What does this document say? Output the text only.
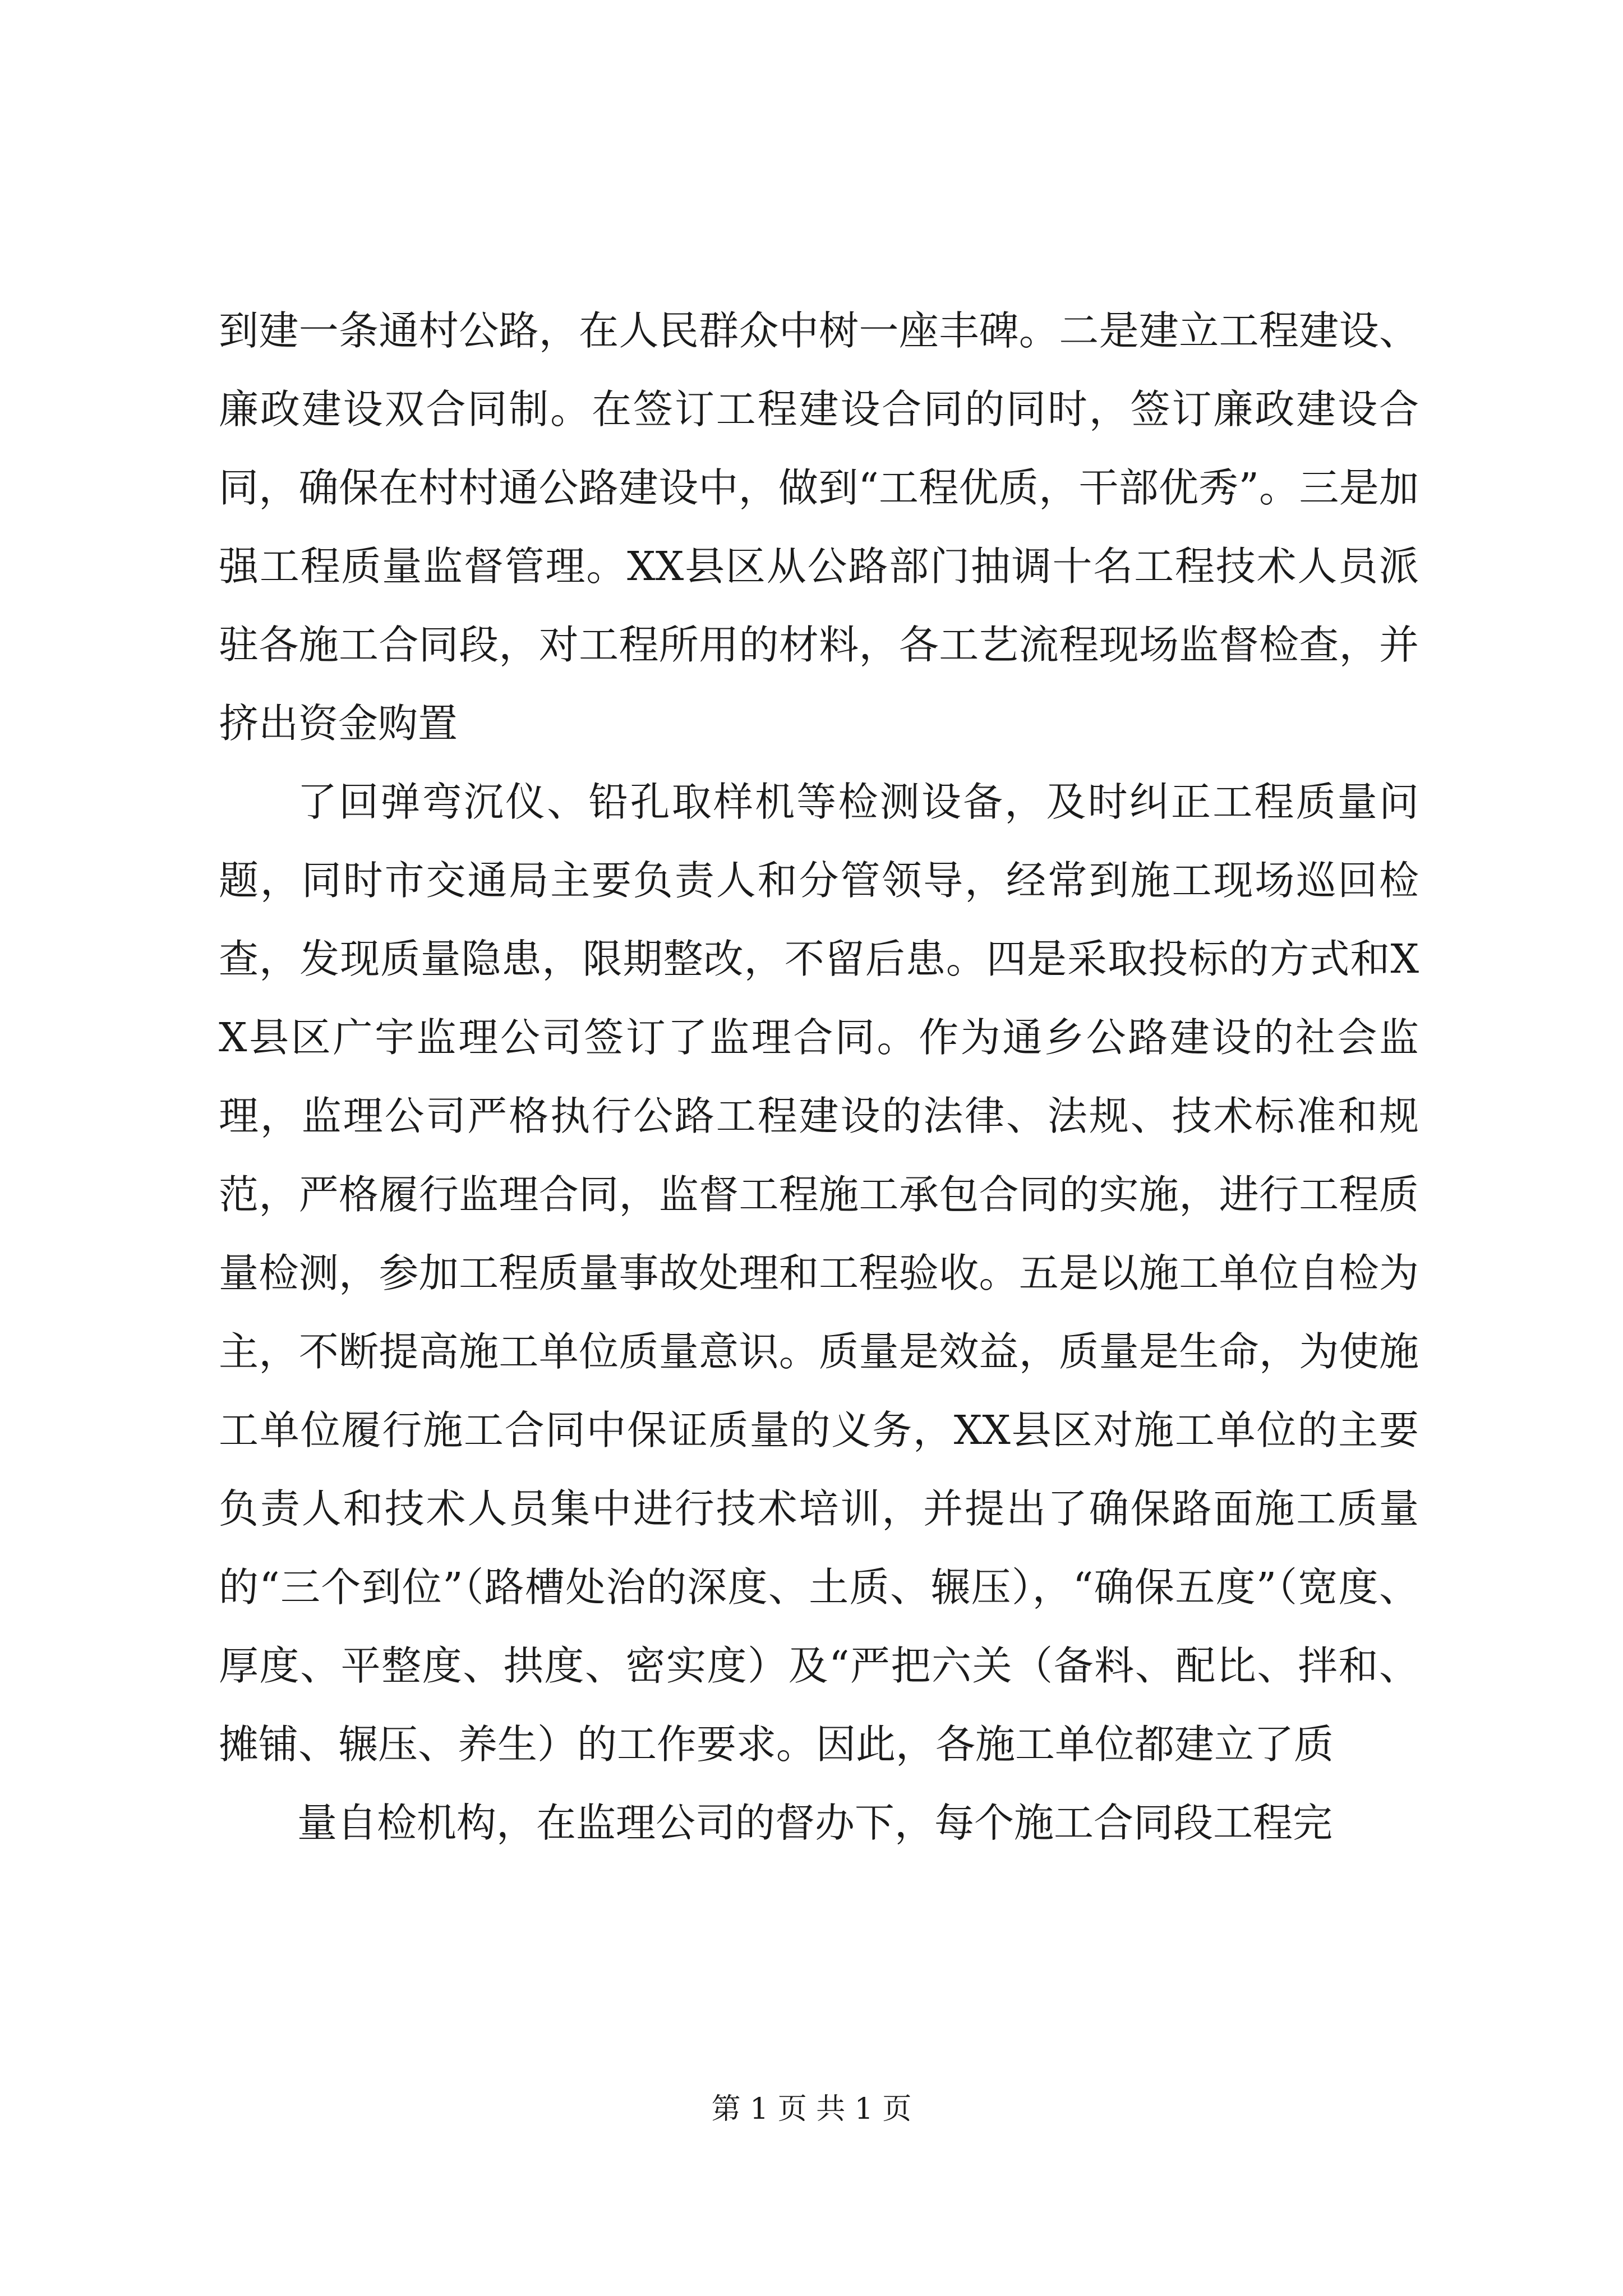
到建一条通村公路，在人民群众中树一座丰碑。二是建立工程建设、廉政建设双合同制。在签订工程建设合同的同时，签订廉政建设合同，确保在村村通公路建设中，做到“工程优质，干部优秀”。三是加强工程质量监督管理。XX县区从公路部门抽调十名工程技术人员派驻各施工合同段，对工程所用的材料，各工艺流程现场监督检查，并挤出资金购置

了回弹弯沉仪、铅孔取样机等检测设备，及时纠正工程质量问题，同时市交通局主要负责人和分管领导，经常到施工现场巡回检查，发现质量隐患，限期整改，不留后患。四是采取投标的方式和XX县区广宇监理公司签订了监理合同。作为通乡公路建设的社会监理，监理公司严格执行公路工程建设的法律、法规、技术标准和规范，严格履行监理合同，监督工程施工承包合同的实施，进行工程质量检测，参加工程质量事故处理和工程验收。五是以施工单位自检为主，不断提高施工单位质量意识。质量是效益，质量是生命，为使施工单位履行施工合同中保证质量的义务，XX县区对施工单位的主要负责人和技术人员集中进行技术培训，并提出了确保路面施工质量的“三个到位”（路槽处治的深度、土质、辗压），“确保五度”（宽度、厚度、平整度、拱度、密实度）及“严把六关（备料、配比、拌和、摊铺、辗压、养生）的工作要求。因此，各施工单位都建立了质

量自检机构，在监理公司的督办下，每个施工合同段工程完

第 1 页 共 1 页
